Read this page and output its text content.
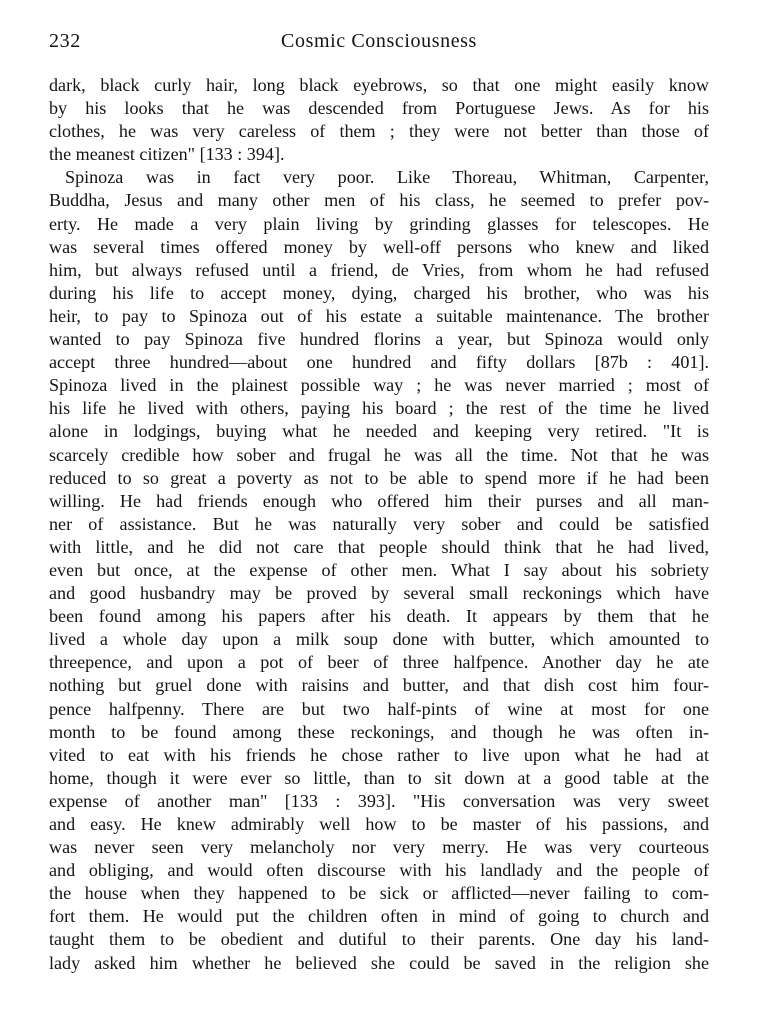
232	Cosmic Consciousness
dark, black curly hair, long black eyebrows, so that one might easily know
by his looks that he was descended from Portuguese Jews. As for his
clothes, he was very careless of them ; they were not better than those of
the meanest citizen" [133 : 394].
Spinoza was in fact very poor. Like Thoreau, Whitman, Carpenter,
Buddha, Jesus and many other men of his class, he seemed to prefer pov-
erty. He made a very plain living by grinding glasses for telescopes. He
was several times offered money by well-off persons who knew and liked
him, but always refused until a friend, de Vries, from whom he had refused
during his life to accept money, dying, charged his brother, who was his
heir, to pay to Spinoza out of his estate a suitable maintenance. The brother
wanted to pay Spinoza five hundred florins a year, but Spinoza would only
accept three hundred—about one hundred and fifty dollars [87b : 401].
Spinoza lived in the plainest possible way ; he was never married ; most of
his life he lived with others, paying his board ; the rest of the time he lived
alone in lodgings, buying what he needed and keeping very retired. "It is
scarcely credible how sober and frugal he was all the time. Not that he was
reduced to so great a poverty as not to be able to spend more if he had been
willing. He had friends enough who offered him their purses and all man-
ner of assistance. But he was naturally very sober and could be satisfied
with little, and he did not care that people should think that he had lived,
even but once, at the expense of other men. What I say about his sobriety
and good husbandry may be proved by several small reckonings which have
been found among his papers after his death. It appears by them that he
lived a whole day upon a milk soup done with butter, which amounted to
threepence, and upon a pot of beer of three halfpence. Another day he ate
nothing but gruel done with raisins and butter, and that dish cost him four-
pence halfpenny. There are but two half-pints of wine at most for one
month to be found among these reckonings, and though he was often in-
vited to eat with his friends he chose rather to live upon what he had at
home, though it were ever so little, than to sit down at a good table at the
expense of another man" [133 : 393]. "His conversation was very sweet
and easy. He knew admirably well how to be master of his passions, and
was never seen very melancholy nor very merry. He was very courteous
and obliging, and would often discourse with his landlady and the people of
the house when they happened to be sick or afflicted—never failing to com-
fort them. He would put the children often in mind of going to church and
taught them to be obedient and dutiful to their parents. One day his land-
lady asked him whether he believed she could be saved in the religion she
